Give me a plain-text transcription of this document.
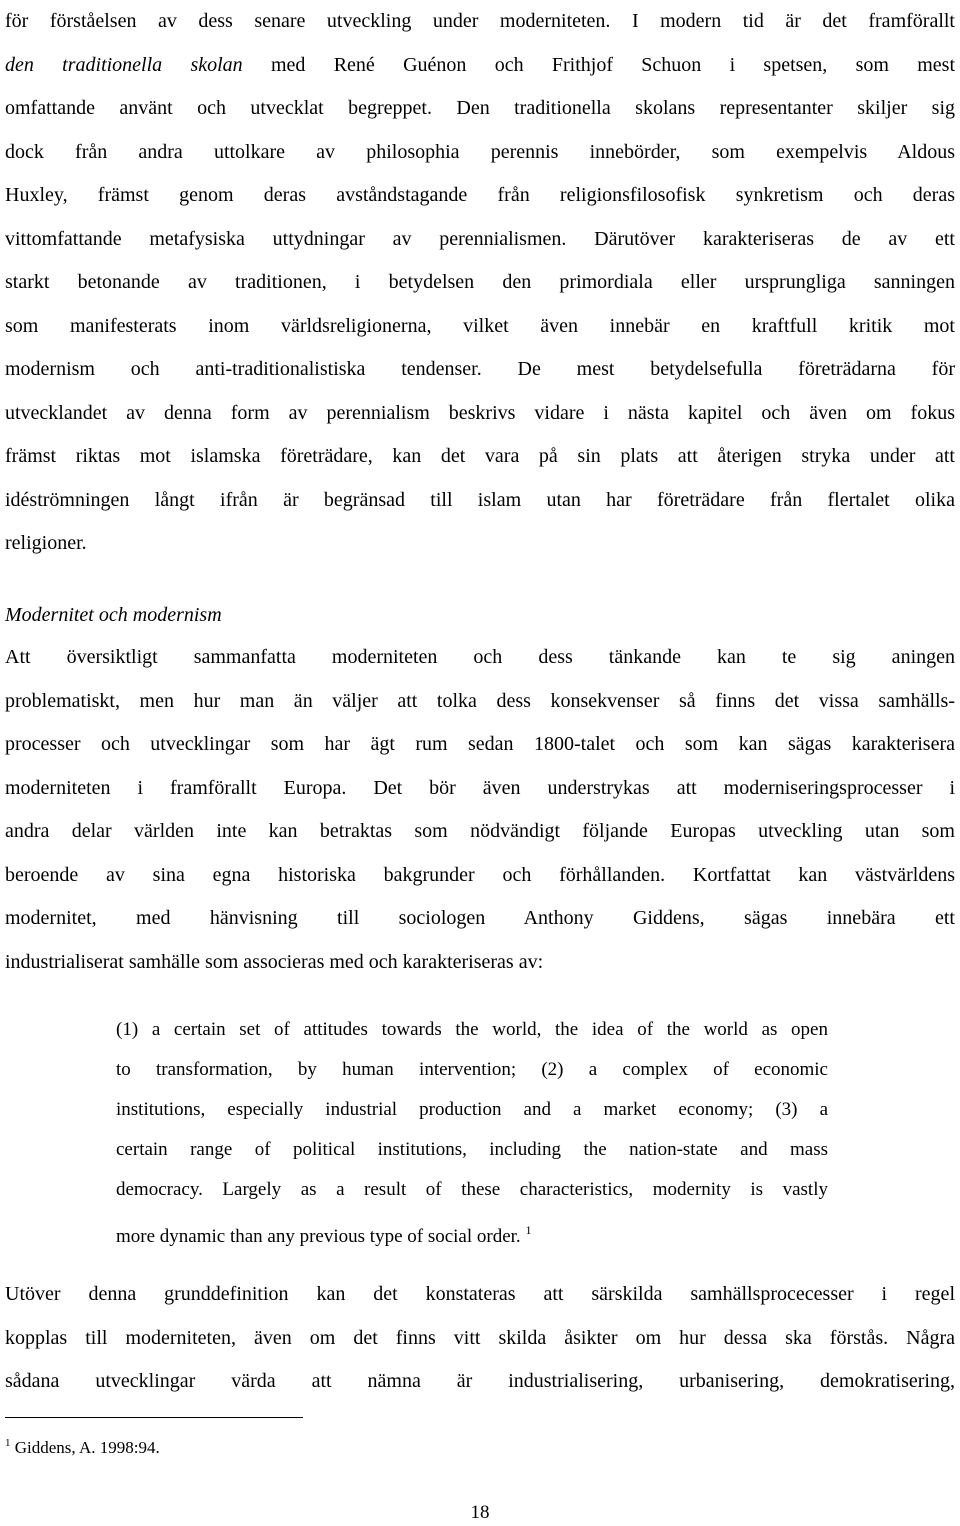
för förståelsen av dess senare utveckling under moderniteten. I modern tid är det framförallt
den traditionella skolan med René Guénon och Frithjof Schuon i spetsen, som mest
omfattande använt och utvecklat begreppet. Den traditionella skolans representanter skiljer sig
dock från andra uttolkare av philosophia perennis innebörder, som exempelvis Aldous
Huxley, främst genom deras avståndstagande från religionsfilosofisk synkretism och deras
vittomfattande metafysiska uttydningar av perennialismen. Därutöver karakteriseras de av ett
starkt betonande av traditionen, i betydelsen den primordiala eller ursprungliga sanningen
som manifesterats inom världsreligionerna, vilket även innebär en kraftfull kritik mot
modernism och anti-traditionalistiska tendenser. De mest betydelsefulla företrädarna för
utvecklandet av denna form av perennialism beskrivs vidare i nästa kapitel och även om fokus
främst riktas mot islamska företrädare, kan det vara på sin plats att återigen stryka under att
idéströmningen långt ifrån är begränsad till islam utan har företrädare från flertalet olika
religioner.
Modernitet och modernism
Att översiktligt sammanfatta moderniteten och dess tänkande kan te sig aningen
problematiskt, men hur man än väljer att tolka dess konsekvenser så finns det vissa samhälls-
processer och utvecklingar som har ägt rum sedan 1800-talet och som kan sägas karakterisera
moderniteten i framförallt Europa. Det bör även understrykas att moderniseringsprocesser i
andra delar världen inte kan betraktas som nödvändigt följande Europas utveckling utan som
beroende av sina egna historiska bakgrunder och förhållanden. Kortfattat kan västvärldens
modernitet, med hänvisning till sociologen Anthony Giddens, sägas innebära ett
industrialiserat samhälle som associeras med och karakteriseras av:
(1) a certain set of attitudes towards the world, the idea of the world as open
to transformation, by human intervention; (2) a complex of economic
institutions, especially industrial production and a market economy; (3) a
certain range of political institutions, including the nation-state and mass
democracy. Largely as a result of these characteristics, modernity is vastly
more dynamic than any previous type of social order. $^1$
Utöver denna grunddefinition kan det konstateras att särskilda samhällsprocecesser i regel
kopplas till moderniteten, även om det finns vitt skilda åsikter om hur dessa ska förstås. Några
sådana utvecklingar värda att nämna är industrialisering, urbanisering, demokratisering,
$^1$ Giddens, A. 1998:94.
18
